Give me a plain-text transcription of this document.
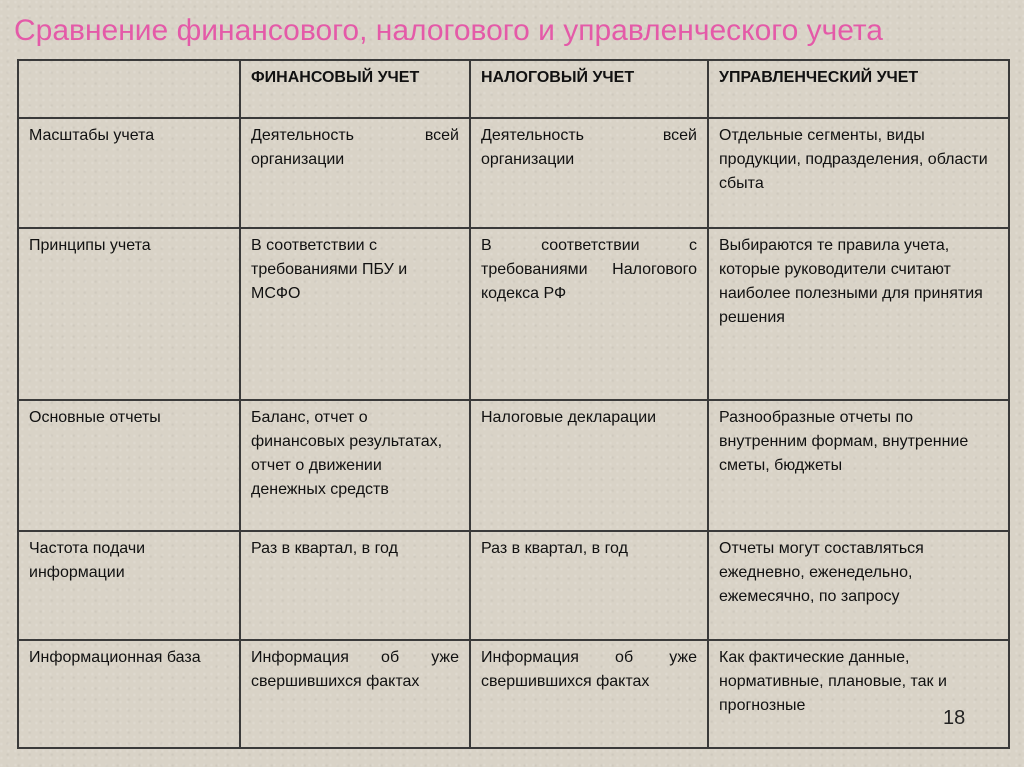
Сравнение финансового, налогового и управленческого учета
	ФИНАНСОВЫЙ УЧЕТ	НАЛОГОВЫЙ УЧЕТ	УПРАВЛЕНЧЕСКИЙ УЧЕТ
Масштабы учета	Деятельность всей организации	Деятельность всей организации	Отдельные сегменты, виды продукции, подразделения, области сбыта
Принципы учета	В соответствии с требованиями ПБУ и МСФО	В соответствии с требованиями Налогового кодекса РФ	Выбираются те правила учета, которые руководители считают наиболее полезными для принятия решения
Основные отчеты	Баланс, отчет о финансовых результатах, отчет о движении денежных средств	Налоговые декларации	Разнообразные отчеты по внутренним формам, внутренние сметы, бюджеты
Частота подачи информации	Раз в квартал, в год	Раз в квартал, в год	Отчеты могут составляться ежедневно, еженедельно, ежемесячно, по запросу
Информационная база	Информация об уже свершившихся фактах	Информация об уже свершившихся фактах	Как фактические данные, нормативные, плановые, так и прогнозные
18
